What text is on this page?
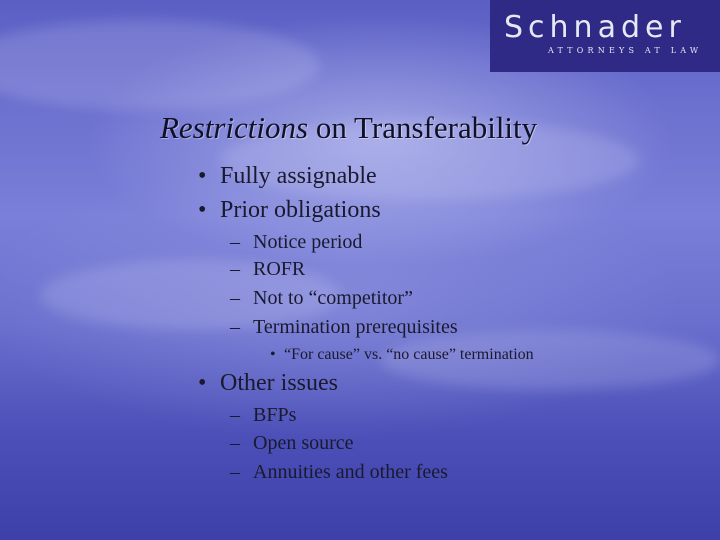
Schnader
ATTORNEYS AT LAW
Restrictions on Transferability
• Fully assignable
• Prior obligations
– Notice period
– ROFR
– Not to “competitor”
– Termination prerequisites
• “For cause” vs. “no cause” termination
• Other issues
– BFPs
– Open source
– Annuities and other fees
